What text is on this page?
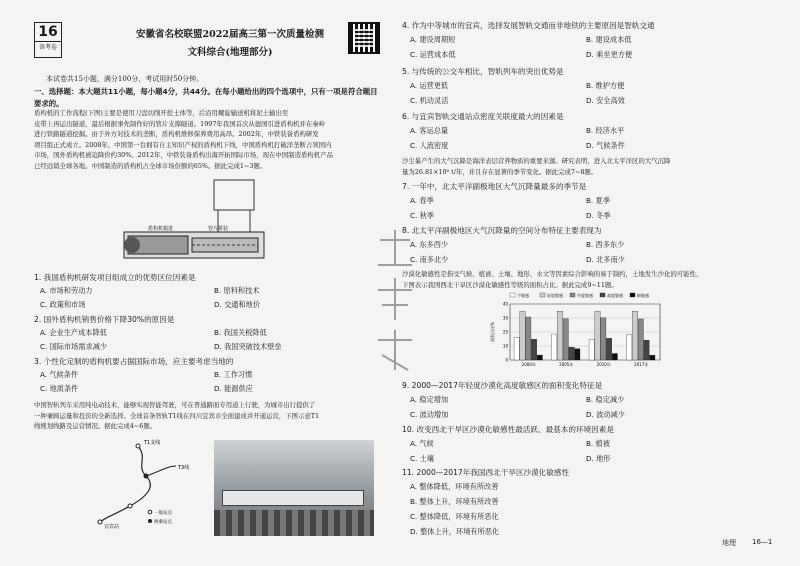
16
备考卷
安徽省名校联盟2022届高三第一次质量检测
文科综合(地理部分)
本试卷共15小题，满分100分，考试用时50分钟。
一、选择题：本大题共11小题，每小题4分，共44分。在每小题给出的四个选项中，只有一项是符合题目要求的。
盾构机的工作流程(下图)主要是使用刀盘切削开挖土体等，后沿用螺旋输送机将泥土输出至
皮带上再运出隧道，最后根据事先制作好的管片支撑隧道。1997年我国首次从德国引进盾构机并在秦岭
进行铁路隧道挖掘。由于外方对技术的垄断，盾构机维修保养费用高昂。2002年，中铁装备盾构研发
项目组正式成立。2008年，中国第一台拥有自主知识产权的盾构机下线，中国盾构机打破洋垄断占领国内
市场，国外盾构机被迫降价约30%。2012年，中铁装备盾构出海开拓国际市场，现在中国制造盾构机产品
已经远销全球各地。中国制造的盾构机占全球市场份额的65%。据此完成1~3题。
盾构机掘进	管片拼装
1. 我国盾构机研发项目组成立的优势区位因素是
A. 市场和劳动力	B. 原料和技术
C. 政策和市场	D. 交通和地价
2. 国外盾构机销售价格下降30%的原因是
A. 企业生产成本降低	B. 我国关税降低
C. 国际市场需求减少	D. 我国突破技术壁垒
3. 个性化定制的盾构机要占据国际市场，应主要考虑当地的
A. 气候条件	B. 工作习惯
C. 地质条件	D. 能源供应
中国智轨列车采用纯电动技术，能够实现智能驾驶，可在普通路面专用道上行驶，为城市出行提供了
一种兼顾运量和投资的全新选择。全球首条智轨T1线在四川宜宾市全面建成并开通运营，下图示意T1
线规划线路及运营情况。据此完成4~6题。
T1支线
T3线
宜宾站
一般站点
换乘站点
4. 作为中等城市的宜宾，选择发展智轨交通而非地铁的主要原因是智轨交通
A. 建设周期短	B. 建设成本低
C. 运营成本低	D. 乘坐更方便
5. 与传统的公交车相比，智轨列车的突出优势是
A. 运营更低	B. 维护方便
C. 机动灵活	D. 安全高效
6. 与宜宾智轨交通站点密度关联度最大的因素是
A. 客运总量	B. 经济水平
C. 人流密度	D. 气候条件
沙尘暴产生的大气沉降是海洋表层营养物质的重要来源。研究表明，进入北太平洋区的大气沉降
量为26.81×10⁶ t/年，并且存在显著的季节变化。据此完成7~8题。
7. 一年中，北太平洋副极地区大气沉降量最多的季节是
A. 春季	B. 夏季
C. 秋季	D. 冬季
8. 北太平洋副极地区大气沉降量的空间分布特征主要表现为
A. 东多西少	B. 西多东少
C. 南多北少	D. 北多南少
沙漠化敏感性是指受气候、植被、土壤、地形、水文等因素综合影响的易于制约，土地发生沙化的可能性，
下图表示我国西北干旱区沙漠化敏感性等级的面积占比。据此完成9~11题。
0
10
20
30
40
2000年	2005年	2010年	2017年
面积占比%
不敏感	轻度敏感	中度敏感	高度敏感	极敏感
9. 2000—2017年轻度沙漠化高度敏感区的面积变化特征是
A. 稳定增加	B. 稳定减少
C. 波动增加	D. 波动减少
10. 改变西北干旱区沙漠化敏感性最活跃、最基本的环境因素是
A. 气候	B. 植被
C. 土壤	D. 地形
11. 2000—2017年我国西北干旱区沙漠化敏感性
A. 整体降低，环境有所改善
B. 整体上升，环境有所改善
C. 整体降低，环境有所恶化
D. 整体上升，环境有所恶化
地理 16—1
